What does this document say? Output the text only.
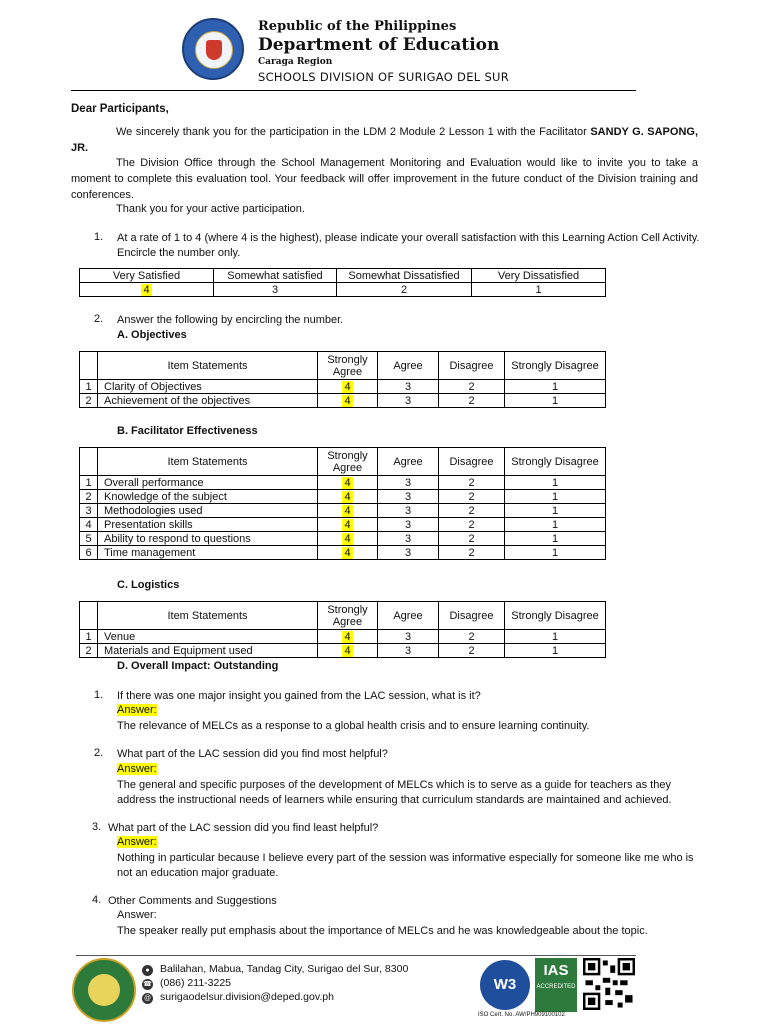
Republic of the Philippines
Department of Education
Caraga Region
SCHOOLS DIVISION OF SURIGAO DEL SUR
Dear Participants,
We sincerely thank you for the participation in the LDM 2 Module 2 Lesson 1 with the Facilitator SANDY G. SAPONG, JR.
The Division Office through the School Management Monitoring and Evaluation would like to invite you to take a moment to complete this evaluation tool. Your feedback will offer improvement in the future conduct of the Division training and conferences.
Thank you for your active participation.
1. At a rate of 1 to 4 (where 4 is the highest), please indicate your overall satisfaction with this Learning Action Cell Activity. Encircle the number only.
Very Satisfied	Somewhat satisfied	Somewhat Dissatisfied	Very Dissatisfied
4	3	2	1
2. Answer the following by encircling the number.
A. Objectives
	Item Statements	Strongly Agree	Agree	Disagree	Strongly Disagree
1	Clarity of Objectives	4	3	2	1
2	Achievement of the objectives	4	3	2	1
B. Facilitator Effectiveness
	Item Statements	Strongly Agree	Agree	Disagree	Strongly Disagree
1	Overall performance	4	3	2	1
2	Knowledge of the subject	4	3	2	1
3	Methodologies used	4	3	2	1
4	Presentation skills	4	3	2	1
5	Ability to respond to questions	4	3	2	1
6	Time management	4	3	2	1
C. Logistics
	Item Statements	Strongly Agree	Agree	Disagree	Strongly Disagree
1	Venue	4	3	2	1
2	Materials and Equipment used	4	3	2	1
D. Overall Impact: Outstanding
1. If there was one major insight you gained from the LAC session, what is it?
Answer:
The relevance of MELCs as a response to a global health crisis and to ensure learning continuity.
2. What part of the LAC session did you find most helpful?
Answer:
The general and specific purposes of the development of MELCs which is to serve as a guide for teachers as they address the instructional needs of learners while ensuring that curriculum standards are maintained and achieved.
3. What part of the LAC session did you find least helpful?
Answer:
Nothing in particular because I believe every part of the session was informative especially for someone like me who is not an education major graduate.
4. Other Comments and Suggestions
Answer:
The speaker really put emphasis about the importance of MELCs and he was knowledgeable about the topic.
● Balilahan, Mabua, Tandag City, Surigao del Sur, 8300
☎ (086) 211-3225
@ surigaodelsur.division@deped.gov.ph
W3
IAS
ACCREDITED
ISO Cert. No. AW/PH909100102
